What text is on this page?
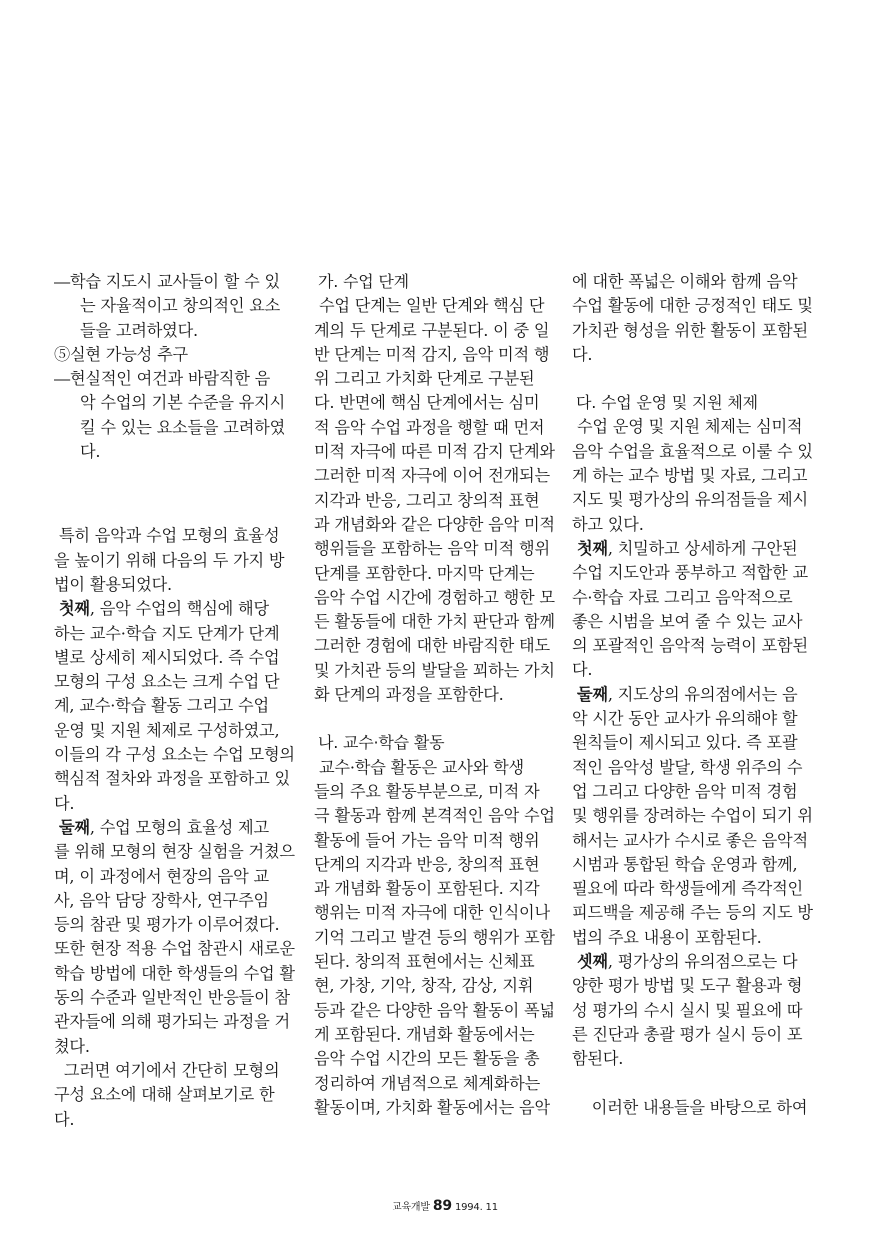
―학습 지도시 교사들이 할 수 있
는 자율적이고 창의적인 요소
들을 고려하였다.
⑤실현 가능성 추구
―현실적인 여건과 바람직한 음
악 수업의 기본 수준을 유지시
킬 수 있는 요소들을 고려하였
다.
특히 음악과 수업 모형의 효율성
을 높이기 위해 다음의 두 가지 방
법이 활용되었다.
첫째, 음악 수업의 핵심에 해당
하는 교수·학습 지도 단계가 단계
별로 상세히 제시되었다. 즉 수업
모형의 구성 요소는 크게 수업 단
계, 교수·학습 활동 그리고 수업
운영 및 지원 체제로 구성하였고,
이들의 각 구성 요소는 수업 모형의
핵심적 절차와 과정을 포함하고 있
다.
둘째, 수업 모형의 효율성 제고
를 위해 모형의 현장 실험을 거쳤으
며, 이 과정에서 현장의 음악 교
사, 음악 담당 장학사, 연구주임
등의 참관 및 평가가 이루어졌다.
또한 현장 적용 수업 참관시 새로운
학습 방법에 대한 학생들의 수업 활
동의 수준과 일반적인 반응들이 참
관자들에 의해 평가되는 과정을 거
쳤다.
그러면 여기에서 간단히 모형의
구성 요소에 대해 살펴보기로 한
다.
가. 수업 단계
수업 단계는 일반 단계와 핵심 단
계의 두 단계로 구분된다. 이 중 일
반 단계는 미적 감지, 음악 미적 행
위 그리고 가치화 단계로 구분된
다. 반면에 핵심 단계에서는 심미
적 음악 수업 과정을 행할 때 먼저
미적 자극에 따른 미적 감지 단계와
그러한 미적 자극에 이어 전개되는
지각과 반응, 그리고 창의적 표현
과 개념화와 같은 다양한 음악 미적
행위들을 포함하는 음악 미적 행위
단계를 포함한다. 마지막 단계는
음악 수업 시간에 경험하고 행한 모
든 활동들에 대한 가치 판단과 함께
그러한 경험에 대한 바람직한 태도
및 가치관 등의 발달을 꾀하는 가치
화 단계의 과정을 포함한다.
나. 교수·학습 활동
교수·학습 활동은 교사와 학생
들의 주요 활동부분으로, 미적 자
극 활동과 함께 본격적인 음악 수업
활동에 들어 가는 음악 미적 행위
단계의 지각과 반응, 창의적 표현
과 개념화 활동이 포함된다. 지각
행위는 미적 자극에 대한 인식이나
기억 그리고 발견 등의 행위가 포함
된다. 창의적 표현에서는 신체표
현, 가창, 기악, 창작, 감상, 지휘
등과 같은 다양한 음악 활동이 폭넓
게 포함된다. 개념화 활동에서는
음악 수업 시간의 모든 활동을 총
정리하여 개념적으로 체계화하는
활동이며, 가치화 활동에서는 음악
에 대한 폭넓은 이해와 함께 음악
수업 활동에 대한 긍정적인 태도 및
가치관 형성을 위한 활동이 포함된
다.
다. 수업 운영 및 지원 체제
수업 운영 및 지원 체제는 심미적
음악 수업을 효율적으로 이룰 수 있
게 하는 교수 방법 및 자료, 그리고
지도 및 평가상의 유의점들을 제시
하고 있다.
첫째, 치밀하고 상세하게 구안된
수업 지도안과 풍부하고 적합한 교
수·학습 자료 그리고 음악적으로
좋은 시범을 보여 줄 수 있는 교사
의 포괄적인 음악적 능력이 포함된
다.
둘째, 지도상의 유의점에서는 음
악 시간 동안 교사가 유의해야 할
원칙들이 제시되고 있다. 즉 포괄
적인 음악성 발달, 학생 위주의 수
업 그리고 다양한 음악 미적 경험
및 행위를 장려하는 수업이 되기 위
해서는 교사가 수시로 좋은 음악적
시범과 통합된 학습 운영과 함께,
필요에 따라 학생들에게 즉각적인
피드백을 제공해 주는 등의 지도 방
법의 주요 내용이 포함된다.
셋째, 평가상의 유의점으로는 다
양한 평가 방법 및 도구 활용과 형
성 평가의 수시 실시 및 필요에 따
른 진단과 총괄 평가 실시 등이 포
함된다.
이러한 내용들을 바탕으로 하여
교육개발 89 1994. 11
